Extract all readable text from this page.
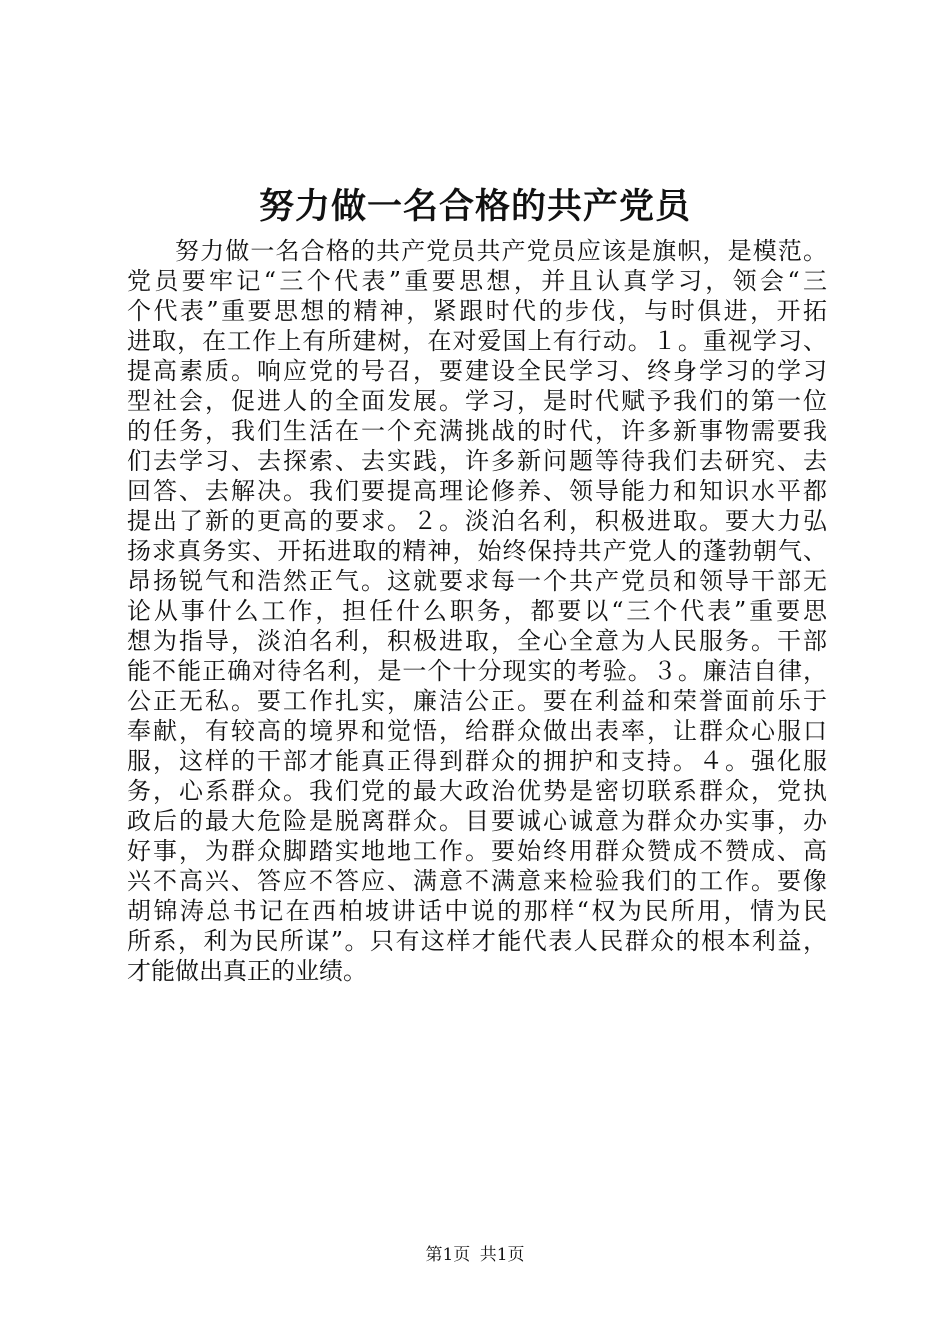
努力做一名合格的共产党员
努力做一名合格的共产党员共产党员应该是旗帜，是模范。
党员要牢记“三个代表”重要思想，并且认真学习，领会“三
个代表”重要思想的精神，紧跟时代的步伐，与时俱进，开拓
进取，在工作上有所建树，在对爱国上有行动。１。重视学习、
提高素质。响应党的号召，要建设全民学习、终身学习的学习
型社会，促进人的全面发展。学习，是时代赋予我们的第一位
的任务，我们生活在一个充满挑战的时代，许多新事物需要我
们去学习、去探索、去实践，许多新问题等待我们去研究、去
回答、去解决。我们要提高理论修养、领导能力和知识水平都
提出了新的更高的要求。２。淡泊名利，积极进取。要大力弘
扬求真务实、开拓进取的精神，始终保持共产党人的蓬勃朝气、
昂扬锐气和浩然正气。这就要求每一个共产党员和领导干部无
论从事什么工作，担任什么职务，都要以“三个代表”重要思
想为指导，淡泊名利，积极进取，全心全意为人民服务。干部
能不能正确对待名利，是一个十分现实的考验。３。廉洁自律，
公正无私。要工作扎实，廉洁公正。要在利益和荣誉面前乐于
奉献，有较高的境界和觉悟，给群众做出表率，让群众心服口
服，这样的干部才能真正得到群众的拥护和支持。４。强化服
务，心系群众。我们党的最大政治优势是密切联系群众，党执
政后的最大危险是脱离群众。目要诚心诚意为群众办实事，办
好事，为群众脚踏实地地工作。要始终用群众赞成不赞成、高
兴不高兴、答应不答应、满意不满意来检验我们的工作。要像
胡锦涛总书记在西柏坡讲话中说的那样“权为民所用，情为民
所系，利为民所谋”。只有这样才能代表人民群众的根本利益，
才能做出真正的业绩。
第1页 共1页
